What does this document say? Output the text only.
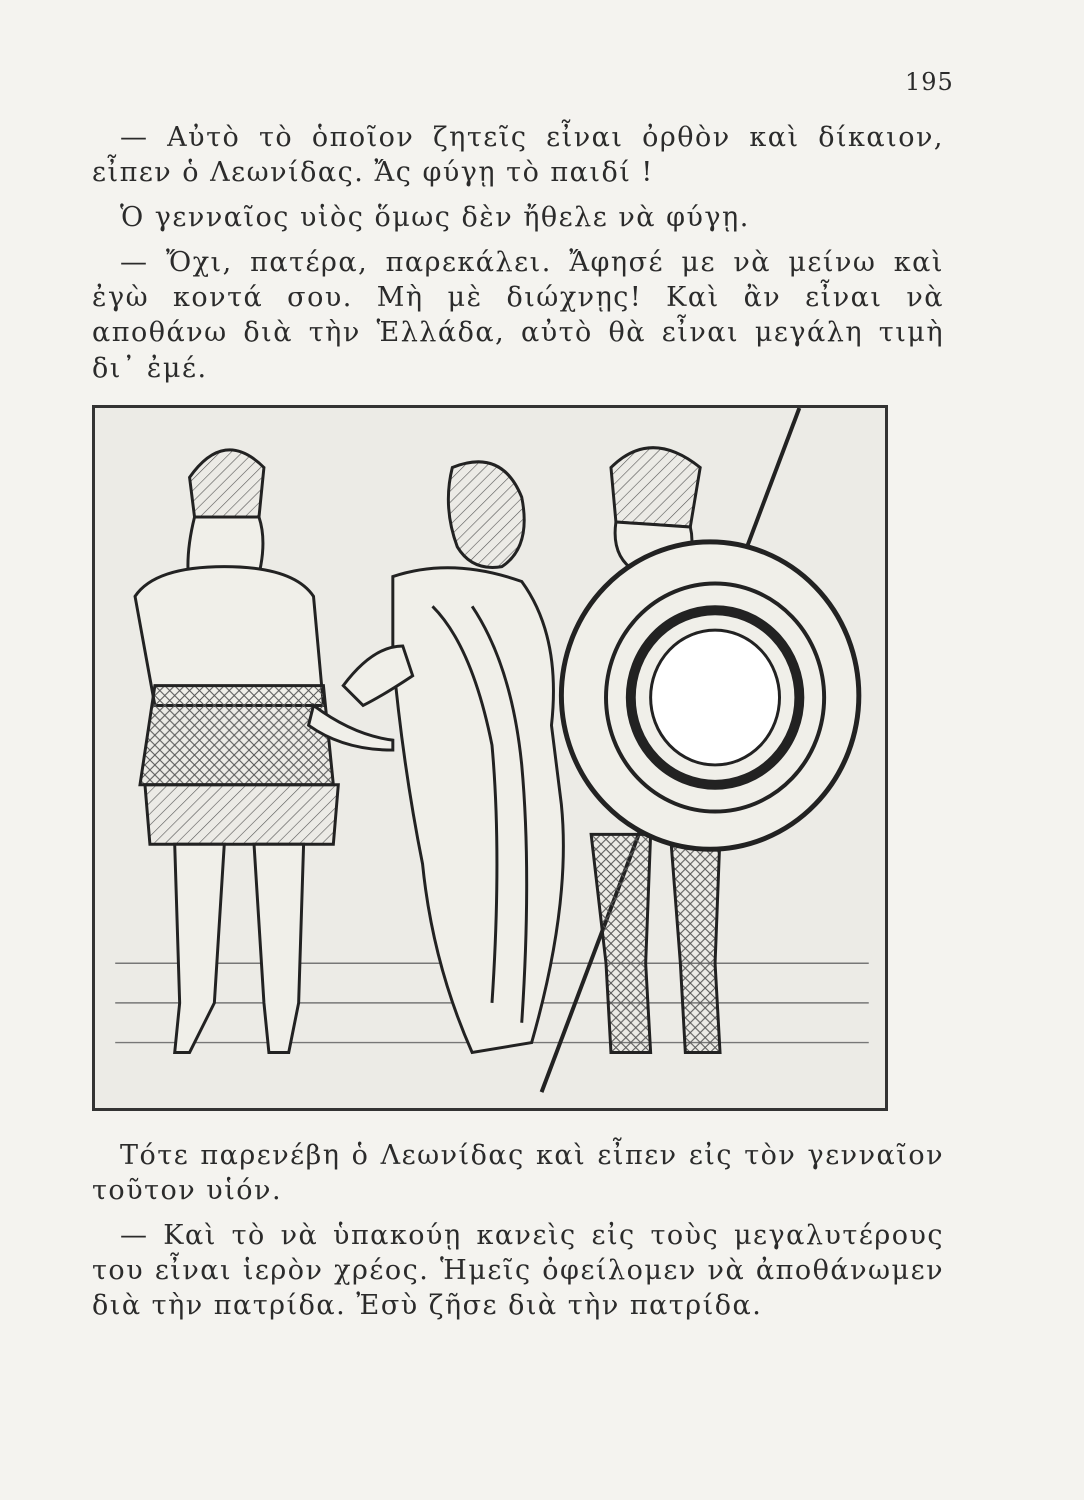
195

— Αὐτὸ τὸ ὁποῖον ζητεῖς εἶναι ὀρθὸν καὶ δίκαιον, εἶπεν ὁ Λεωνίδας. Ἄς φύγῃ τὸ παιδί !

Ὁ γενναῖος υἱὸς ὅμως δὲν ἤθελε νὰ φύγῃ.

— Ὄχι, πατέρα, παρεκάλει. Ἄφησέ με νὰ μείνω καὶ ἐγὼ κοντά σου. Μὴ μὲ διώχνῃς! Καὶ ἂν εἶναι νὰ αποθάνω διὰ τὴν Ἑλλάδα, αὐτὸ θὰ εἶναι μεγάλη τιμὴ δι᾽ ἐμέ.

Τότε παρενέβη ὁ Λεωνίδας καὶ εἶπεν εἰς τὸν γενναῖον τοῦτον υἱόν.

— Καὶ τὸ νὰ ὑπακούῃ κανεὶς εἰς τοὺς μεγαλυτέρους του εἶναι ἱερὸν χρέος. Ἡμεῖς ὀφείλομεν νὰ ἀποθάνωμεν διὰ τὴν πατρίδα. Ἐσὺ ζῆσε διὰ τὴν πατρίδα.
